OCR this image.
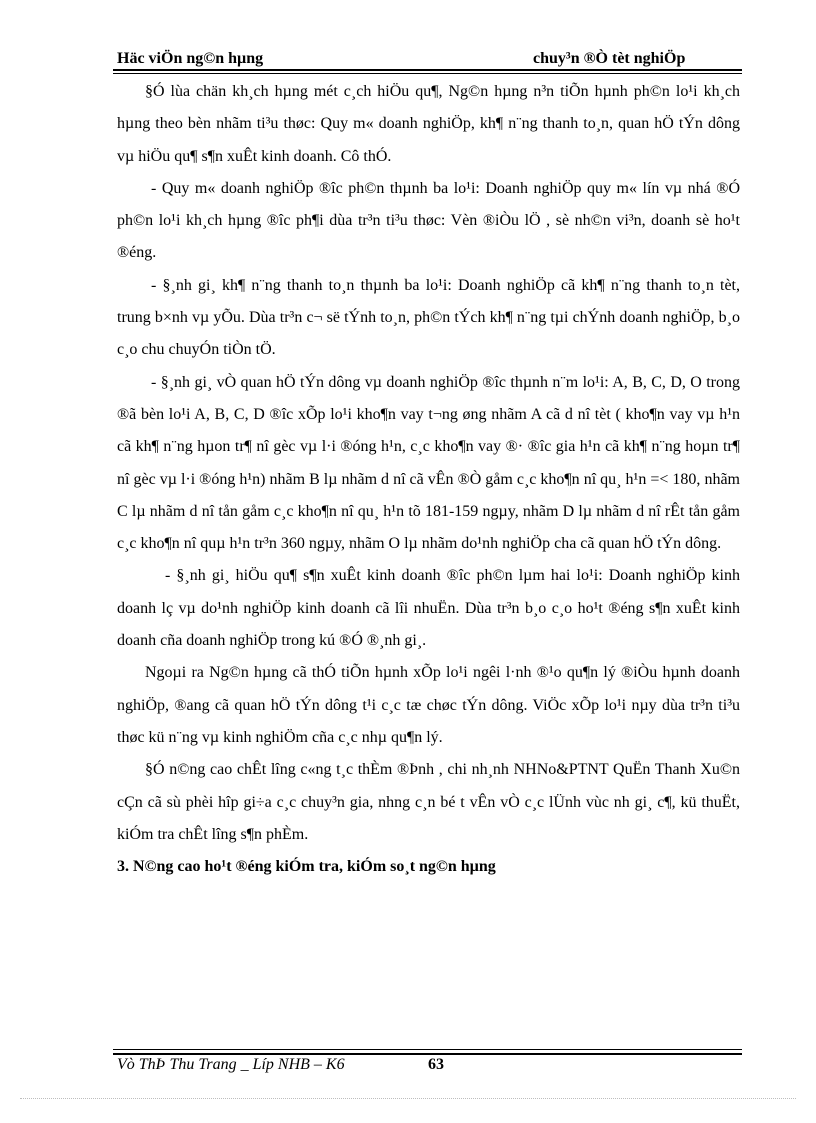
Häc viÖn ng©n hµng	chuy³n ®Ò tèt nghiÖp

§Ó lùa chän kh¸ch hµng mét c¸ch hiÖu qu¶, Ng©n hµng n³n tiÕn hµnh ph©n lo¹i kh¸ch hµng theo bèn nhãm ti³u thøc: Quy m« doanh nghiÖp, kh¶ n¨ng thanh to¸n, quan hÖ tÝn dông vµ hiÖu qu¶ s¶n xuÊt kinh doanh. Cô thÓ.

- Quy m« doanh nghiÖp ®îc ph©n thµnh ba lo¹i: Doanh nghiÖp quy m« lín vµ nhá ®Ó ph©n lo¹i kh¸ch hµng ®îc ph¶i dùa tr³n ti³u thøc: Vèn ®iÒu lÖ , sè nh©n vi³n, doanh sè ho¹t ®éng.

- §¸nh gi¸ kh¶ n¨ng thanh to¸n thµnh ba lo¹i: Doanh nghiÖp cã kh¶ n¨ng thanh to¸n tèt, trung b×nh vµ yÕu. Dùa tr³n c¬ së tÝnh to¸n, ph©n tÝch kh¶ n¨ng tµi chÝnh doanh nghiÖp, b¸o c¸o chu chuyÓn tiÒn tÖ.

- §¸nh gi¸ vÒ quan hÖ tÝn dông vµ doanh nghiÖp ®îc thµnh n¨m lo¹i: A, B, C, D, O trong ®ã bèn lo¹i A, B, C, D ®îc xÕp lo¹i kho¶n vay t¬ng øng nhãm A cã d nî tèt ( kho¶n vay vµ h¹n cã kh¶ n¨ng hµon tr¶ nî gèc vµ l·i ®óng h¹n, c¸c kho¶n vay ®· ®îc gia h¹n cã kh¶ n¨ng hoµn tr¶ nî gèc vµ l·i ®óng h¹n) nhãm B lµ nhãm d nî cã vÊn ®Ò gåm c¸c kho¶n nî qu¸ h¹n =< 180, nhãm C lµ nhãm d nî tån gåm c¸c kho¶n nî qu¸ h¹n tõ 181-159 ngµy, nhãm D lµ nhãm d nî rÊt tån gåm c¸c kho¶n nî quµ h¹n tr³n 360 ngµy, nhãm O lµ nhãm do¹nh nghiÖp cha cã quan hÖ tÝn dông.

- §¸nh gi¸ hiÖu qu¶ s¶n xuÊt kinh doanh ®îc ph©n lµm hai lo¹i: Doanh nghiÖp kinh doanh lç vµ do¹nh nghiÖp kinh doanh cã lîi nhuËn. Dùa tr³n b¸o c¸o ho¹t ®éng s¶n xuÊt kinh doanh cña doanh nghiÖp trong kú ®Ó ®¸nh gi¸.

Ngoµi ra Ng©n hµng cã thÓ tiÕn hµnh xÕp lo¹i ngêi l·nh ®¹o qu¶n lý ®iÒu hµnh doanh nghiÖp, ®ang cã quan hÖ tÝn dông t¹i c¸c tæ chøc tÝn dông. ViÖc xÕp lo¹i nµy dùa tr³n ti³u thøc kü n¨ng vµ kinh nghiÖm cña c¸c nhµ qu¶n lý.

§Ó n©ng cao chÊt lîng c«ng t¸c thÈm ®Þnh , chi nh¸nh NHNo&PTNT QuËn Thanh Xu©n cÇn cã sù phèi hîp gi÷a c¸c chuy³n gia, nhng c¸n bé t vÊn vÒ c¸c lÜnh vùc nh gi¸ c¶, kü thuËt, kiÓm tra chÊt lîng s¶n phÈm.

3. N©ng cao ho¹t ®éng kiÓm tra, kiÓm so¸t ng©n hµng

Vò ThÞ Thu Trang _ Líp NHB – K6	63
